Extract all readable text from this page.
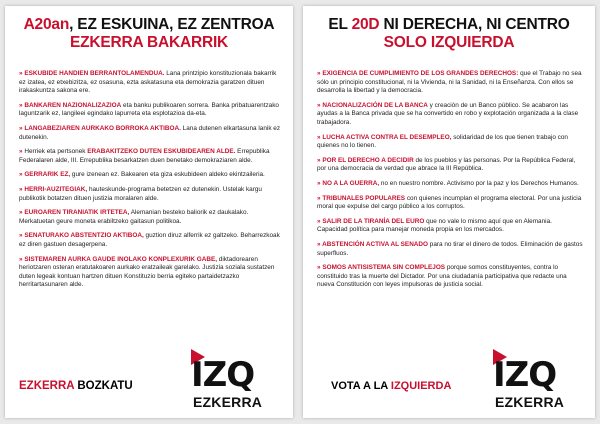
A20an, EZ ESKUINA, EZ ZENTROA
EZKERRA BAKARRIK
» ESKUBIDE HANDIEN BERRANTOLAMENDUA. Lana printzipio konstituzionala bakarrik ez izatea, ez etxebizitza, ez osasuna, ezta askatasuna eta demokrazia garatzen dituen irakaskuntza sakona ere.
» BANKAREN NAZIONALIZAZIOA eta banku publikoaren sorrera. Banka pribatuarentzako laguntzarik ez, langileei egindako lapurreta eta esplotazioa da-eta.
» LANGABEZIAREN AURKAKO BORROKA AKTIBOA. Lana dutenen elkartasuna lanik ez dutenekin.
» Herriek eta pertsonek ERABAKITZEKO DUTEN ESKUBIDEAREN ALDE. Errepublika Federalaren alde, III. Errepublika besarkatzen duen benetako demokraziaren alde.
» GERRARIK EZ, gure izenean ez. Bakearen eta giza eskubideen aldeko ekintzaileria.
» HERRI-AUZITEGIAK, hauteskunde-programa betetzen ez dutenekin. Ustelak kargu publikotik botatzen dituen justizia moralaren alde.
» EUROAREN TIRANIATIK IRTETEA, Alemanian besteko baliorik ez daukalako. Merkatuetan geure moneta erabiltzeko gaitasun politikoa.
» SENATURAKO ABSTENTZIO AKTIBOA, guztion diruz alferrik ez galtzeko. Beharrezkoak ez diren gastuen desagerpena.
» SISTEMAREN AURKA GAUDE INOLAKO KONPLEXURIK GABE, diktadorearen heriotzaren osteran eratutakoaren aurkako eratzaileak garelako. Justizia soziala sustatzen duten legeak kontuan hartzen dituen Konstituzio berria egiteko partaidetzazko herritartasunaren alde.
EZKERRA BOZKATU IZQ
EZKERRA
EL 20D NI DERECHA, NI CENTRO
SOLO IZQUIERDA
» EXIGENCIA DE CUMPLIMIENTO DE LOS GRANDES DERECHOS: que el Trabajo no sea sólo un principio constitucional, ni la Vivienda, ni la Sanidad, ni la Enseñanza. Con ellos se desarrolla la libertad y la democracia.
» NACIONALIZACIÓN DE LA BANCA y creación de un Banco público. Se acabaron las ayudas a la Banca privada que se ha convertido en robo y explotación organizada a la clase trabajadora.
» LUCHA ACTIVA CONTRA EL DESEMPLEO, solidaridad de los que tienen trabajo con quienes no lo tienen.
» POR EL DERECHO A DECIDIR de los pueblos y las personas. Por la República Federal, por una democracia de verdad que abrace la III República.
» NO A LA GUERRA, no en nuestro nombre. Activismo por la paz y los Derechos Humanos.
» TRIBUNALES POPULARES con quienes incumplan el programa electoral. Por una justicia moral que expulse del cargo público a los corruptos.
» SALIR DE LA TIRANÍA DEL EURO que no vale lo mismo aquí que en Alemania. Capacidad política para manejar moneda propia en los mercados.
» ABSTENCIÓN ACTIVA AL SENADO para no tirar el dinero de todos. Eliminación de gastos superfluos.
» SOMOS ANTISISTEMA SIN COMPLEJOS porque somos constituyentes, contra lo constituido tras la muerte del Dictador. Por una ciudadanía participativa que redacte una nueva Constitución con leyes impulsoras de justicia social.
VOTA A LA IZQUIERDA IZQ
EZKERRA
